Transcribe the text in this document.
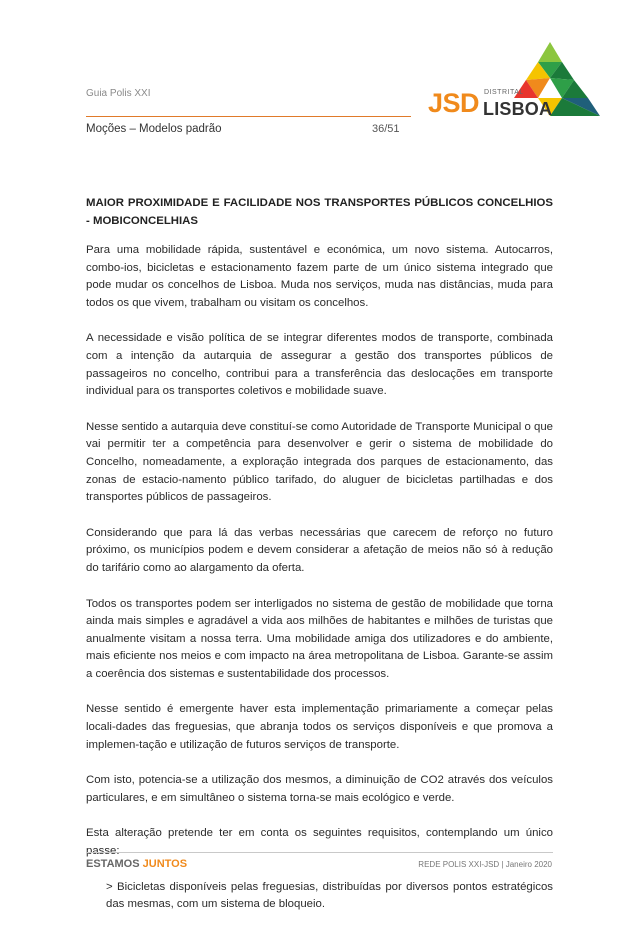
Guia Polis XXI
Moções – Modelos padrão	36/51
JSD DISTRITAL
LISBOA

MAIOR PROXIMIDADE E FACILIDADE NOS TRANSPORTES PÚBLICOS CONCELHIOS - MOBICONCELHIAS

Para uma mobilidade rápida, sustentável e económica, um novo sistema. Autocarros, combo-ios, bicicletas e estacionamento fazem parte de um único sistema integrado que pode mudar os concelhos de Lisboa. Muda nos serviços, muda nas distâncias, muda para todos os que vivem, trabalham ou visitam os concelhos.

A necessidade e visão política de se integrar diferentes modos de transporte, combinada com a intenção da autarquia de assegurar a gestão dos transportes públicos de passageiros no concelho, contribui para a transferência das deslocações em transporte individual para os transportes coletivos e mobilidade suave.

Nesse sentido a autarquia deve constituí-se como Autoridade de Transporte Municipal o que vai permitir ter a competência para desenvolver e gerir o sistema de mobilidade do Concelho, nomeadamente, a exploração integrada dos parques de estacionamento, das zonas de estacio-namento público tarifado, do aluguer de bicicletas partilhadas e dos transportes públicos de passageiros.

Considerando que para lá das verbas necessárias que carecem de reforço no futuro próximo, os municípios podem e devem considerar a afetação de meios não só à redução do tarifário como ao alargamento da oferta.

Todos os transportes podem ser interligados no sistema de gestão de mobilidade que torna ainda mais simples e agradável a vida aos milhões de habitantes e milhões de turistas que anualmente visitam a nossa terra. Uma mobilidade amiga dos utilizadores e do ambiente, mais eficiente nos meios e com impacto na área metropolitana de Lisboa. Garante-se assim a coerência dos sistemas e sustentabilidade dos processos.

Nesse sentido é emergente haver esta implementação primariamente a começar pelas locali-dades das freguesias, que abranja todos os serviços disponíveis e que promova a implemen-tação e utilização de futuros serviços de transporte.

Com isto, potencia-se a utilização dos mesmos, a diminuição de CO2 através dos veículos particulares, e em simultâneo o sistema torna-se mais ecológico e verde.

Esta alteração pretende ter em conta os seguintes requisitos, contemplando um único

> Bicicletas disponíveis pelas freguesias, distribuídas por diversos pontos estratégicos das mesmas, com um sistema de bloqueio.

ESTAMOS JUNTOS	REDE POLIS XXI-JSD | Janeiro 2020
